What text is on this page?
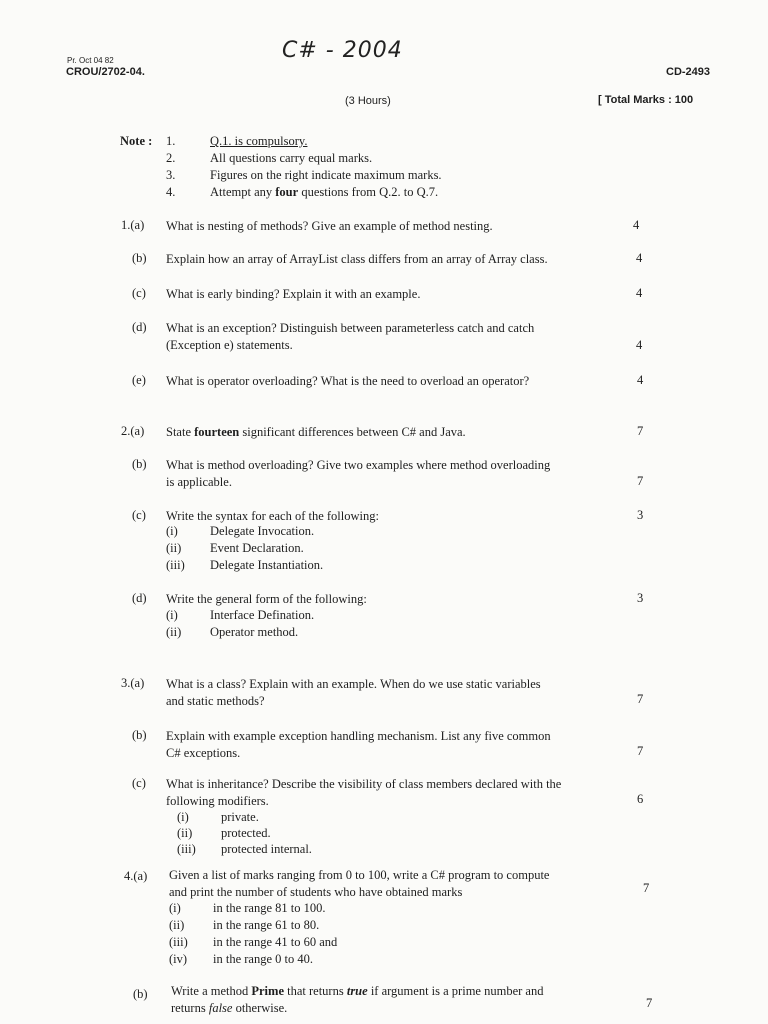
C# - 2004
Pr. Oct 04 82
CROU/2702-04.	CD-2493
(3 Hours)	[ Total Marks : 100
Note : 1.	Q.1. is compulsory.
2.	All questions carry equal marks.
3.	Figures on the right indicate maximum marks.
4.	Attempt any four questions from Q.2. to Q.7.
1.(a) What is nesting of methods? Give an example of method nesting.	4
(b) Explain how an array of ArrayList class differs from an array of Array class.	4
(c) What is early binding? Explain it with an example.	4
(d) What is an exception? Distinguish between parameterless catch and catch
(Exception e) statements.	4
(e) What is operator overloading? What is the need to overload an operator?	4
2.(a) State fourteen significant differences between C# and Java.	7
(b) What is method overloading? Give two examples where method overloading
is applicable.	7
(c) Write the syntax for each of the following:	3
(i)	Delegate Invocation.
(ii) Event Declaration.
(iii) Delegate Instantiation.
(d) Write the general form of the following:	3
(i)	Interface Defination.
(ii) Operator method.
3.(a) What is a class? Explain with an example. When do we use static variables
and static methods?	7
(b) Explain with example exception handling mechanism. List any five common
C# exceptions.	7
(c) What is inheritance? Describe the visibility of class members declared with the
following modifiers.	6
(i)	private.
(ii) protected.
(iii) protected internal.
4.(a) Given a list of marks ranging from 0 to 100, write a C# program to compute
and print the number of students who have obtained marks	7
(i)	in the range 81 to 100.
(ii) in the range 61 to 80.
(iii) in the range 41 to 60 and
(iv) in the range 0 to 40.
(b) Write a method Prime that returns true if argument is a prime number and
returns false otherwise.	7
